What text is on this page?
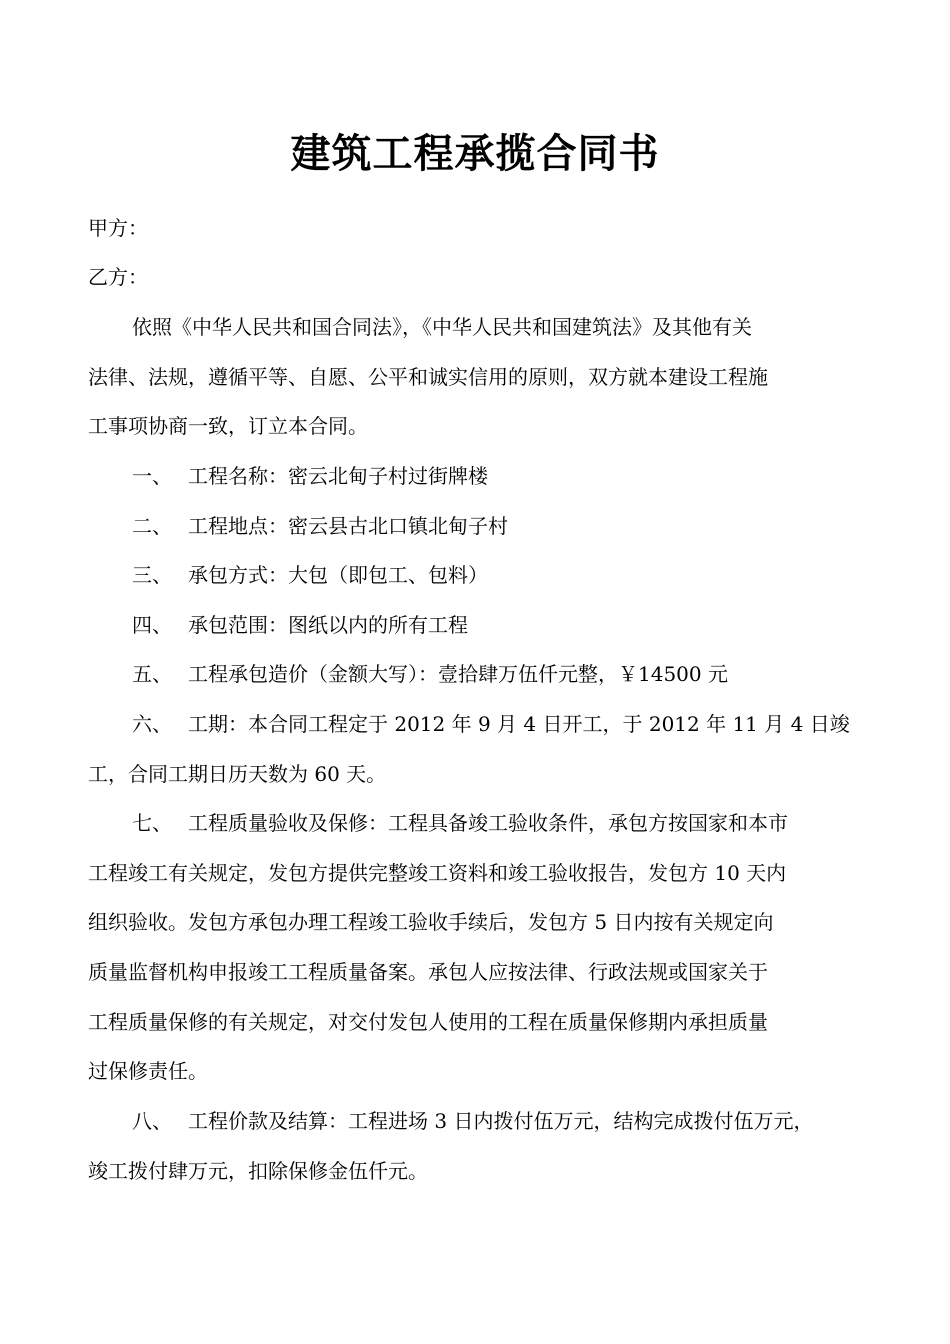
建筑工程承揽合同书
甲方：
乙方：
依照《中华人民共和国合同法》，《中华人民共和国建筑法》及其他有关
法律、法规，遵循平等、自愿、公平和诚实信用的原则，双方就本建设工程施
工事项协商一致，订立本合同。
一、 工程名称：密云北甸子村过街牌楼
二、 工程地点：密云县古北口镇北甸子村
三、 承包方式：大包（即包工、包料）
四、 承包范围：图纸以内的所有工程
五、 工程承包造价（金额大写）：壹拾肆万伍仟元整，￥14500 元
六、 工期：本合同工程定于 2012 年 9 月 4 日开工，于 2012 年 11 月 4 日竣
工，合同工期日历天数为 60 天。
七、 工程质量验收及保修：工程具备竣工验收条件，承包方按国家和本市
工程竣工有关规定，发包方提供完整竣工资料和竣工验收报告，发包方 10 天内
组织验收。发包方承包办理工程竣工验收手续后，发包方 5 日内按有关规定向
质量监督机构申报竣工工程质量备案。承包人应按法律、行政法规或国家关于
工程质量保修的有关规定，对交付发包人使用的工程在质量保修期内承担质量
过保修责任。
八、 工程价款及结算：工程进场 3 日内拨付伍万元，结构完成拨付伍万元，
竣工拨付肆万元，扣除保修金伍仟元。
